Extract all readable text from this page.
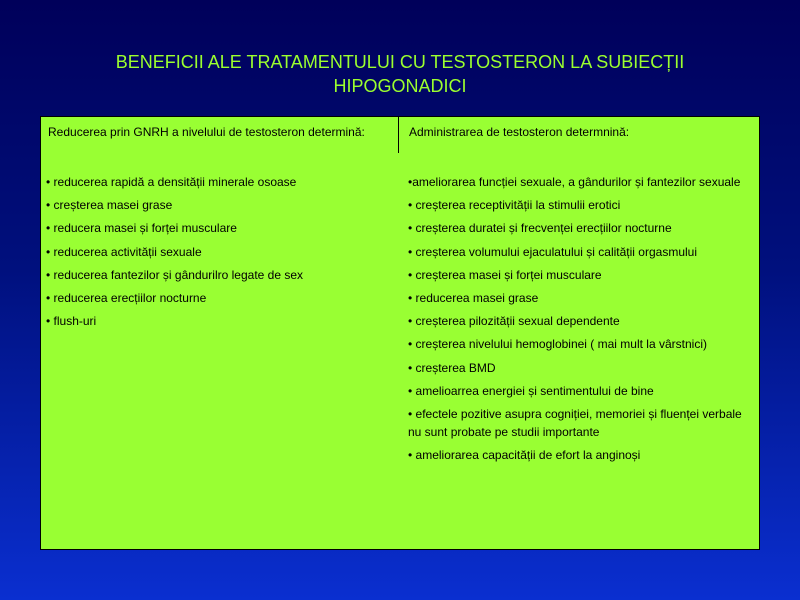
BENEFICII ALE TRATAMENTULUI CU TESTOSTERON LA SUBIECȚII
HIPOGONADICI
Reducerea prin GNRH a nivelului de testosteron determină:
• reducerea rapidă a densității minerale osoase
• creșterea masei grase
• reducera masei și forței musculare
• reducerea activității sexuale
• reducerea fantezilor și gândurilro legate de sex
• reducerea erecțiilor nocturne
• flush-uri
Administrarea de testosteron determnină:
•ameliorarea funcției sexuale, a gândurilor și fantezilor sexuale
• creșterea receptivității la stimulii erotici
• creșterea duratei și frecvenței erecțiilor nocturne
• creșterea volumului ejaculatului și calității orgasmului
• creșterea masei și forței musculare
• reducerea masei grase
• creșterea pilozității sexual dependente
• creșterea nivelului hemoglobinei ( mai mult la vârstnici)
• creșterea BMD
• amelioarrea energiei și sentimentului de bine
• efectele pozitive asupra cogniției, memoriei și fluenței verbale nu sunt probate pe studii importante
• ameliorarea capacității de efort la anginoși
